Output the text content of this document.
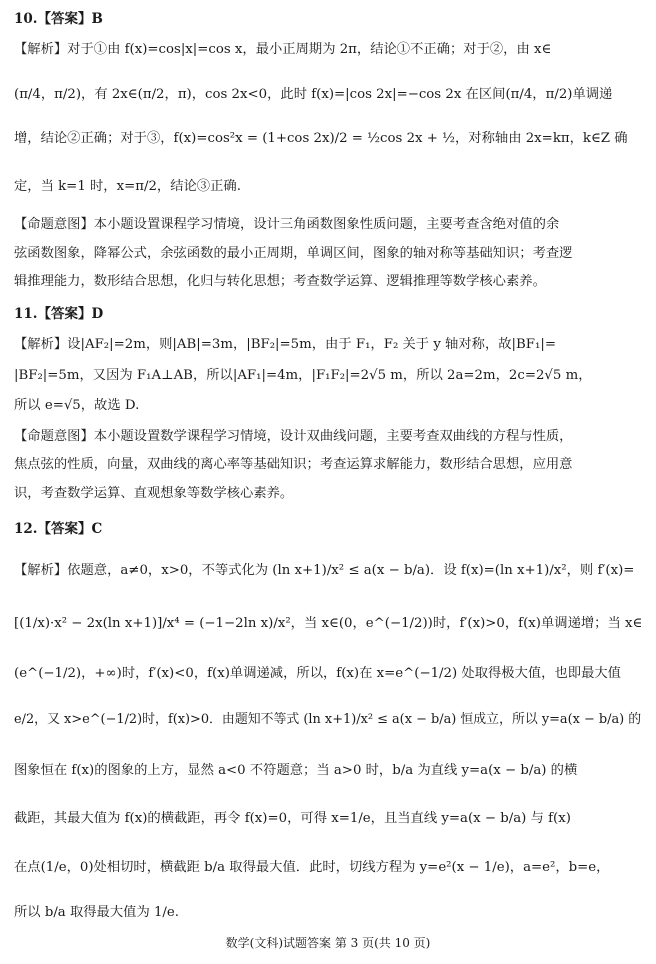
10.【答案】B
【解析】对于①由 f(x)=cos|x|=cos x，最小正周期为 2π，结论①不正确；对于②，由 x∈
(π/4，π/2)，有 2x∈(π/2，π)，cos 2x<0，此时 f(x)=|cos 2x|=−cos 2x 在区间(π/4，π/2)单调递
增，结论②正确；对于③，f(x)=cos²x = (1+cos 2x)/2 = ½cos 2x + ½，对称轴由 2x=kπ，k∈Z 确
定，当 k=1 时，x=π/2，结论③正确.
【命题意图】本小题设置课程学习情境，设计三角函数图象性质问题，主要考查含绝对值的余
弦函数图象，降幂公式，余弦函数的最小正周期，单调区间，图象的轴对称等基础知识；考查逻
辑推理能力，数形结合思想，化归与转化思想；考查数学运算、逻辑推理等数学核心素养。
11.【答案】D
【解析】设|AF₂|=2m，则|AB|=3m，|BF₂|=5m，由于 F₁，F₂ 关于 y 轴对称，故|BF₁|=
|BF₂|=5m，又因为 F₁A⊥AB，所以|AF₁|=4m，|F₁F₂|=2√5 m，所以 2a=2m，2c=2√5 m，
所以 e=√5，故选 D.
【命题意图】本小题设置数学课程学习情境，设计双曲线问题，主要考查双曲线的方程与性质，
焦点弦的性质，向量，双曲线的离心率等基础知识；考查运算求解能力，数形结合思想，应用意
识，考查数学运算、直观想象等数学核心素养。
12.【答案】C
【解析】依题意，a≠0，x>0，不等式化为 (ln x+1)/x² ≤ a(x − b/a)．设 f(x)=(ln x+1)/x²，则 f′(x)=
[(1/x)·x² − 2x(ln x+1)]/x⁴ = (−1−2ln x)/x²，当 x∈(0，e^(−1/2))时，f′(x)>0，f(x)单调递增；当 x∈
(e^(−1/2)，+∞)时，f′(x)<0，f(x)单调递减，所以，f(x)在 x=e^(−1/2) 处取得极大值，也即最大值
e/2，又 x>e^(−1/2)时，f(x)>0．由题知不等式 (ln x+1)/x² ≤ a(x − b/a) 恒成立，所以 y=a(x − b/a) 的
图象恒在 f(x)的图象的上方，显然 a<0 不符题意；当 a>0 时，b/a 为直线 y=a(x − b/a) 的横
截距，其最大值为 f(x)的横截距，再令 f(x)=0，可得 x=1/e，且当直线 y=a(x − b/a) 与 f(x)
在点(1/e，0)处相切时，横截距 b/a 取得最大值．此时，切线方程为 y=e²(x − 1/e)，a=e²，b=e，
所以 b/a 取得最大值为 1/e.
数学(文科)试题答案 第 3 页(共 10 页)
